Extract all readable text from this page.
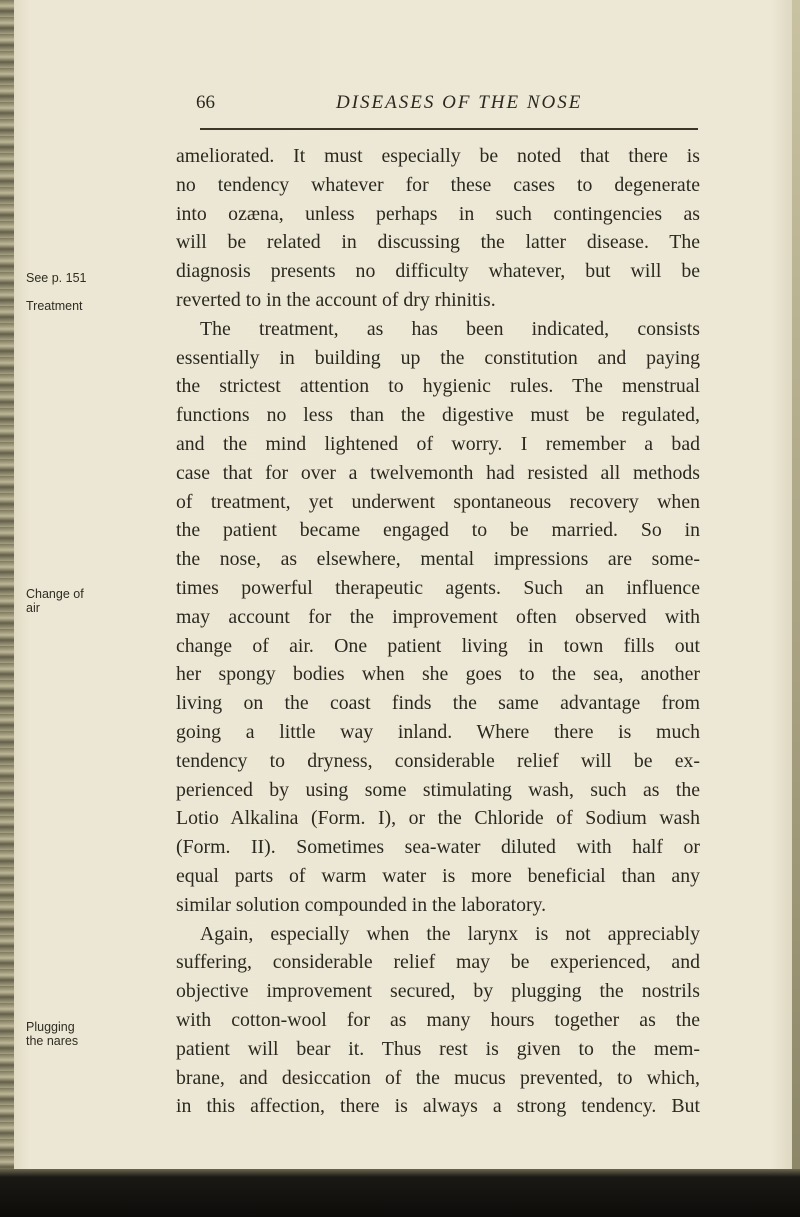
66	DISEASES OF THE NOSE
See p. 151
Treatment
Change of
air
Plugging
the nares
ameliorated. It must especially be noted that there is
no tendency whatever for these cases to degenerate
into ozæna, unless perhaps in such contingencies as
will be related in discussing the latter disease. The
diagnosis presents no difficulty whatever, but will be
reverted to in the account of dry rhinitis.
The treatment, as has been indicated, consists
essentially in building up the constitution and paying
the strictest attention to hygienic rules. The menstrual
functions no less than the digestive must be regulated,
and the mind lightened of worry. I remember a bad
case that for over a twelvemonth had resisted all methods
of treatment, yet underwent spontaneous recovery when
the patient became engaged to be married. So in
the nose, as elsewhere, mental impressions are some-
times powerful therapeutic agents. Such an influence
may account for the improvement often observed with
change of air. One patient living in town fills out
her spongy bodies when she goes to the sea, another
living on the coast finds the same advantage from
going a little way inland. Where there is much
tendency to dryness, considerable relief will be ex-
perienced by using some stimulating wash, such as the
Lotio Alkalina (Form. I), or the Chloride of Sodium wash
(Form. II). Sometimes sea-water diluted with half or
equal parts of warm water is more beneficial than any
similar solution compounded in the laboratory.
Again, especially when the larynx is not appreciably
suffering, considerable relief may be experienced, and
objective improvement secured, by plugging the nostrils
with cotton-wool for as many hours together as the
patient will bear it. Thus rest is given to the mem-
brane, and desiccation of the mucus prevented, to which,
in this affection, there is always a strong tendency. But
